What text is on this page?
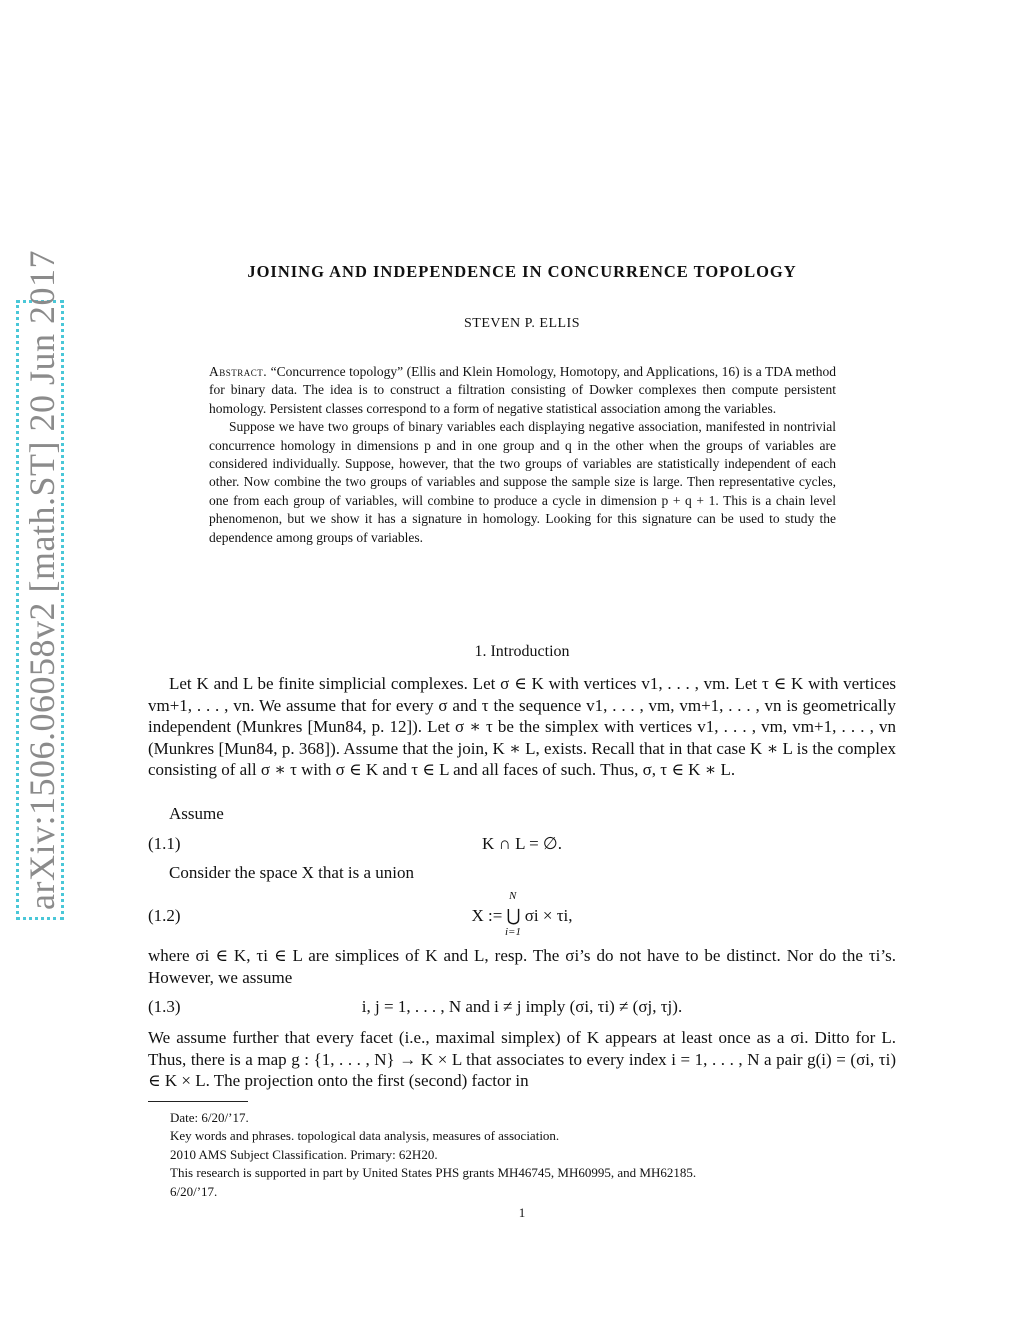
arXiv:1506.06058v2 [math.ST] 20 Jun 2017	JOINING AND INDEPENDENCE IN CONCURRENCE TOPOLOGY
STEVEN P. ELLIS

Abstract. “Concurrence topology” (Ellis and Klein Homology, Homotopy, and Applications, 16) is a TDA method for binary data. The idea is to construct a filtration consisting of Dowker complexes then compute persistent homology. Persistent classes correspond to a form of negative statistical association among the variables.

Suppose we have two groups of binary variables each displaying negative association, manifested in nontrivial concurrence homology in dimensions p and in one group and q in the other when the groups of variables are considered individually. Suppose, however, that the two groups of variables are statistically independent of each other. Now combine the two groups of variables and suppose the sample size is large. Then representative cycles, one from each group of variables, will combine to produce a cycle in dimension p + q + 1. This is a chain level phenomenon, but we show it has a signature in homology. Looking for this signature can be used to study the dependence among groups of variables.

1. Introduction

Let K and L be finite simplicial complexes. Let σ ∈ K with vertices v1, . . . , vm. Let τ ∈ K with vertices vm+1, . . . , vn. We assume that for every σ and τ the sequence v1, . . . , vm, vm+1, . . . , vn is geometrically independent (Munkres [Mun84, p. 12]). Let σ ∗ τ be the simplex with vertices v1, . . . , vm, vm+1, . . . , vn (Munkres [Mun84, p. 368]). Assume that the join, K ∗ L, exists. Recall that in that case K ∗ L is the complex consisting of all σ ∗ τ with σ ∈ K and τ ∈ L and all faces of such. Thus, σ, τ ∈ K ∗ L.

Assume

(1.1)	K ∩ L = ∅.

Consider the space X that is a union

(1.2)	X := ⋃ σi × τi,
N
i=1

where σi ∈ K, τi ∈ L are simplices of K and L, resp. The σi’s do not have to be distinct. Nor do the τi’s. However, we assume

(1.3)	i, j = 1, . . . , N and i ≠ j imply (σi, τi) ≠ (σj, τj).

We assume further that every facet (i.e., maximal simplex) of K appears at least once as a σi. Ditto for L. Thus, there is a map g : {1, . . . , N} → K × L that associates to every index i = 1, . . . , N a pair g(i) = (σi, τi) ∈ K × L. The projection onto the first (second) factor in

Date: 6/20/’17.

Key words and phrases. topological data analysis, measures of association.

2010 AMS Subject Classification. Primary: 62H20.

This research is supported in part by United States PHS grants MH46745, MH60995, and MH62185.

6/20/’17.

1
